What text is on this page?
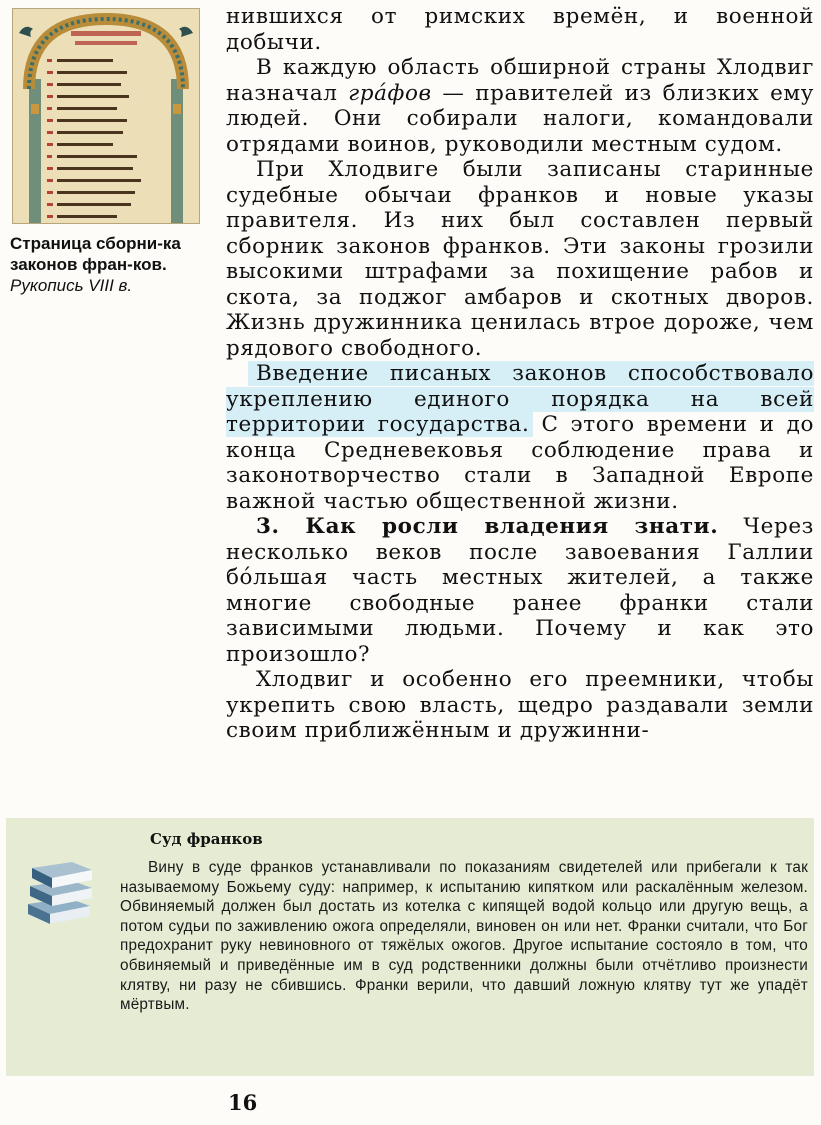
Страница сборни-ка законов фран-ков. Рукопись VIII в.

нившихся от римских времён, и военной добычи.

В каждую область обширной страны Хлодвиг назначал гра́фов — правителей из близких ему людей. Они собирали налоги, командовали отрядами воинов, руководили местным судом.

При Хлодвиге были записаны старинные судебные обычаи франков и новые указы правителя. Из них был составлен первый сборник законов франков. Эти законы грозили высокими штрафами за похищение рабов и скота, за поджог амбаров и скотных дворов. Жизнь дружинника ценилась втрое дороже, чем рядового свободного.

Введение писаных законов способствовало укреплению единого порядка на всей территории государства. С этого времени и до конца Средневековья соблюдение права и законотворчество стали в Западной Европе важной частью общественной жизни.

3. Как росли владения знати. Через несколько веков после завоевания Галлии бо́льшая часть местных жителей, а также многие свободные ранее франки стали зависимыми людьми. Почему и как это произошло?

Хлодвиг и особенно его преемники, чтобы укрепить свою власть, щедро раздавали земли своим приближённым и дружинни-

Суд франков
Вину в суде франков устанавливали по показаниям свидетелей или прибегали к так называемому Божьему суду: например, к испытанию кипятком или раскалённым железом. Обвиняемый должен был достать из котелка с кипящей водой кольцо или другую вещь, а потом судьи по заживлению ожога определяли, виновен он или нет. Франки считали, что Бог предохранит руку невиновного от тяжёлых ожогов. Другое испытание состояло в том, что обвиняемый и приведённые им в суд родственники должны были отчётливо произнести клятву, ни разу не сбившись. Франки верили, что давший ложную клятву тут же упадёт мёртвым.
16
